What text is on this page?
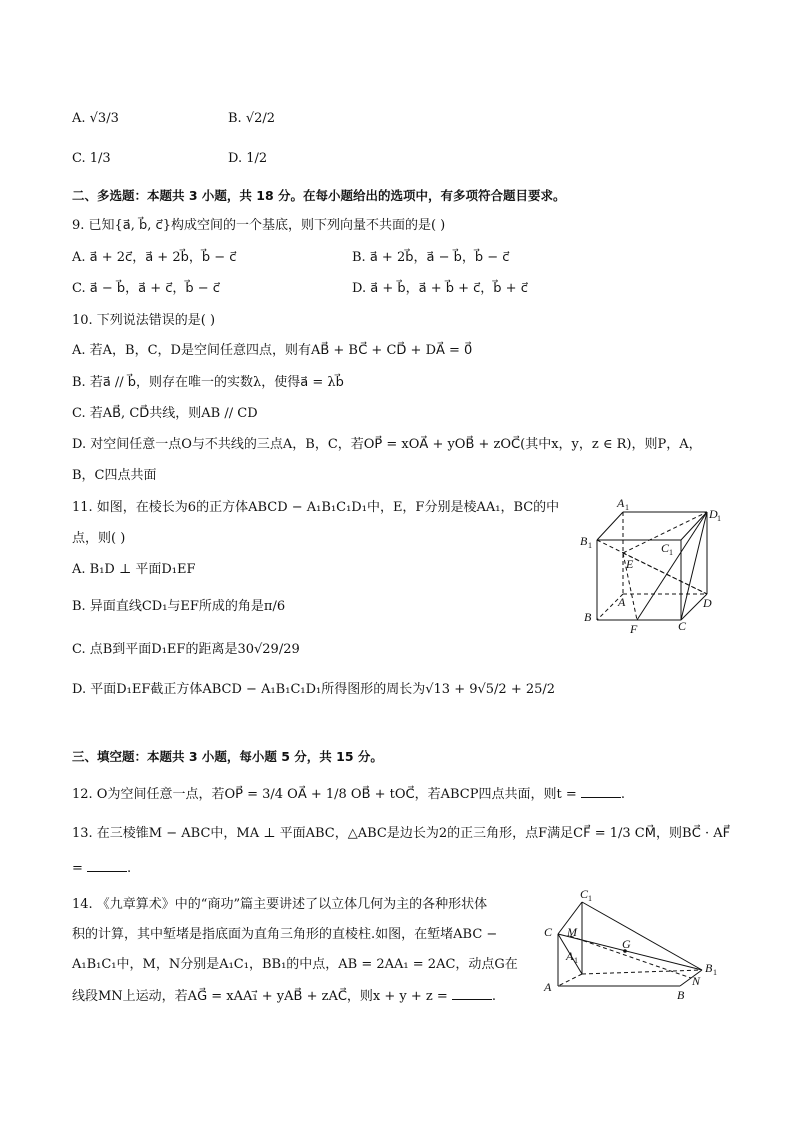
A. √3/3	B. √2/2
C. 1/3	D. 1/2
二、多选题：本题共 3 小题，共 18 分。在每小题给出的选项中，有多项符合题目要求。
9. 已知{a⃗, b⃗, c⃗}构成空间的一个基底，则下列向量不共面的是( )
A. a⃗ + 2c⃗，a⃗ + 2b⃗，b⃗ − c⃗	B. a⃗ + 2b⃗，a⃗ − b⃗，b⃗ − c⃗
C. a⃗ − b⃗，a⃗ + c⃗，b⃗ − c⃗	D. a⃗ + b⃗，a⃗ + b⃗ + c⃗，b⃗ + c⃗
10. 下列说法错误的是( )
A. 若A，B，C，D是空间任意四点，则有AB⃗ + BC⃗ + CD⃗ + DA⃗ = 0⃗
B. 若a⃗ // b⃗，则存在唯一的实数λ，使得a⃗ = λb⃗
C. 若AB⃗, CD⃗共线，则AB // CD
D. 对空间任意一点O与不共线的三点A，B，C，若OP⃗ = xOA⃗ + yOB⃗ + zOC⃗(其中x，y，z ∈ R)，则P，A，
B，C四点共面
11. 如图，在棱长为6的正方体ABCD − A₁B₁C₁D₁中，E，F分别是棱AA₁，BC的中
点，则( )
A. B₁D ⊥ 平面D₁EF
B. 异面直线CD₁与EF所成的角是π/6
C. 点B到平面D₁EF的距离是30√29/29
D. 平面D₁EF截正方体ABCD − A₁B₁C₁D₁所得图形的周长为√13 + 9√5/2 + 25/2
A 1	D 1
B 1	C 1
E
A	D
B
F	C
三、填空题：本题共 3 小题，每小题 5 分，共 15 分。
12. O为空间任意一点，若OP⃗ = 3/4 OA⃗ + 1/8 OB⃗ + tOC⃗，若ABCP四点共面，则t =	.
13. 在三棱锥M − ABC中，MA ⊥ 平面ABC，△ABC是边长为2的正三角形，点F满足CF⃗ = 1/3 CM⃗，则BC⃗ · AF⃗
=	.
14. 《九章算术》中的“商功”篇主要讲述了以立体几何为主的各种形状体
积的计算，其中堑堵是指底面为直角三角形的直棱柱.如图，在堑堵ABC −
A₁B₁C₁中，M，N分别是A₁C₁，BB₁的中点，AB = 2AA₁ = 2AC，动点G在
线段MN上运动，若AG⃗ = xAA₁⃗ + yAB⃗ + zAC⃗，则x + y + z =	.
C 1
C M
G
A 1
B 1
A	N
B
